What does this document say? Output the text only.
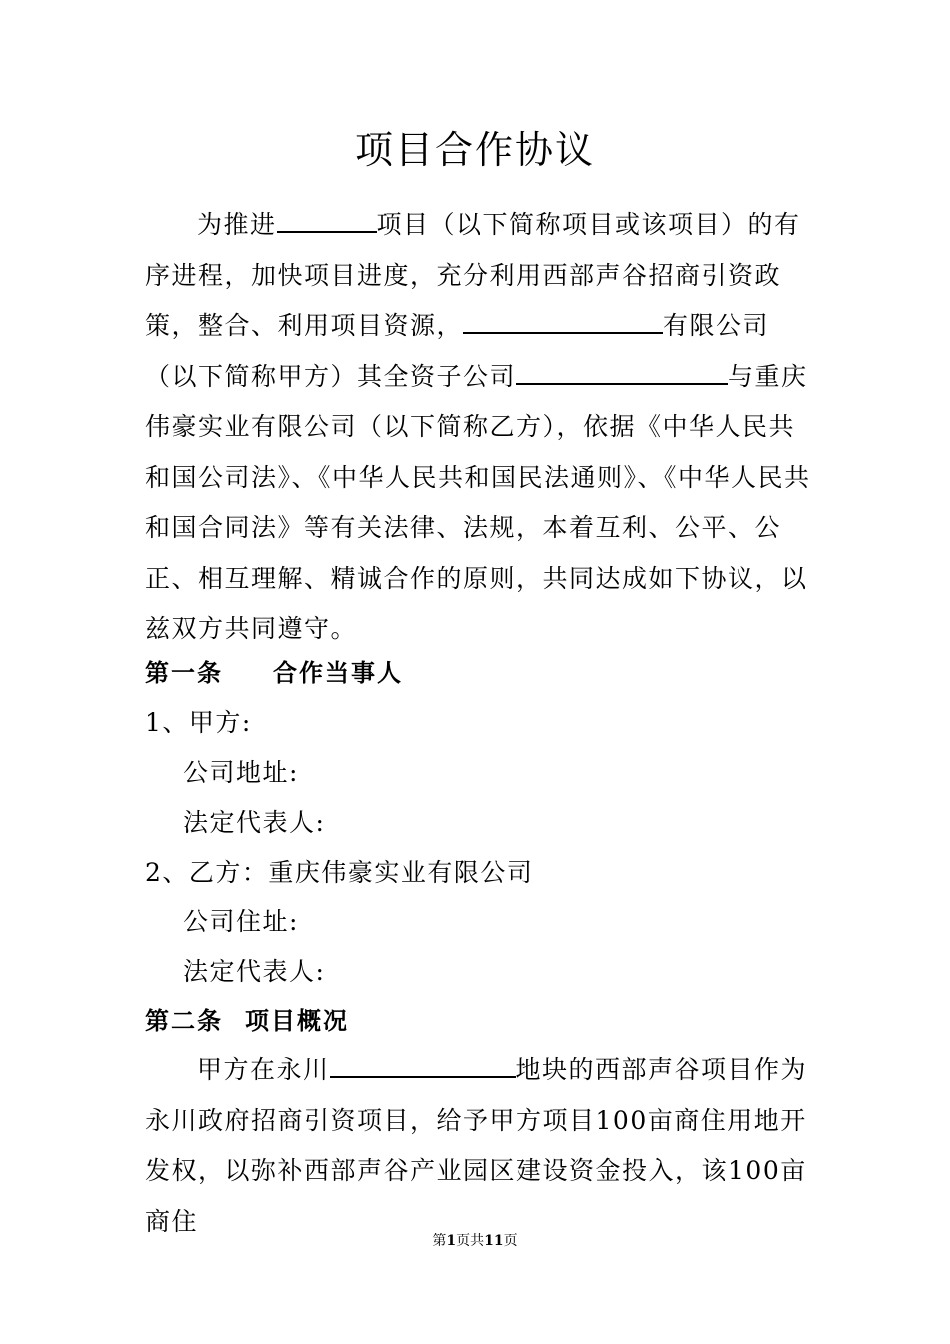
项目合作协议

为推进	项目（以下简称项目或该项目）的有序进程，加快项目进度，充分利用西部声谷招商引资政策，整合、利用项目资源，	有限公司（以下简称甲方）其全资子公司	与重庆伟豪实业有限公司（以下简称乙方），依据《中华人民共和国公司法》、《中华人民共和国民法通则》、《中华人民共和国合同法》等有关法律、法规，本着互利、公平、公正、相互理解、精诚合作的原则，共同达成如下协议，以兹双方共同遵守。

第一条 合作当事人

1、甲方:

公司地址:

法定代表人:

2、乙方：重庆伟豪实业有限公司

公司住址:

法定代表人:

第二条 项目概况

甲方在永川	地块的西部声谷项目作为永川政府招商引资项目，给予甲方项目100亩商住用地开发权，以弥补西部声谷产业园区建设资金投入，该100亩商住

第1页共11页
